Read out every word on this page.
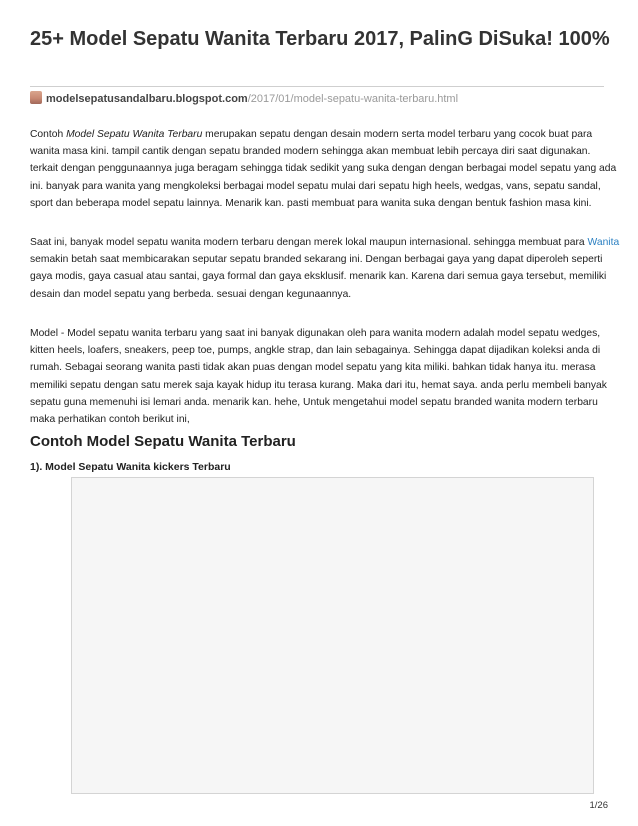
25+ Model Sepatu Wanita Terbaru 2017, PalinG DiSuka! 100%
modelsepatusandalbaru.blogspot.com/2017/01/model-sepatu-wanita-terbaru.html

Contoh Model Sepatu Wanita Terbaru merupakan sepatu dengan desain modern serta model terbaru yang cocok buat para wanita masa kini. tampil cantik dengan sepatu branded modern sehingga akan membuat lebih percaya diri saat digunakan. terkait dengan penggunaannya juga beragam sehingga tidak sedikit yang suka dengan dengan berbagai model sepatu yang ada ini. banyak para wanita yang mengkoleksi berbagai model sepatu mulai dari sepatu high heels, wedgas, vans, sepatu sandal, sport dan beberapa model sepatu lainnya. Menarik kan. pasti membuat para wanita suka dengan bentuk fashion masa kini.

Saat ini, banyak model sepatu wanita modern terbaru dengan merek lokal maupun internasional. sehingga membuat para Wanita semakin betah saat membicarakan seputar sepatu branded sekarang ini. Dengan berbagai gaya yang dapat diperoleh seperti gaya modis, gaya casual atau santai, gaya formal dan gaya eksklusif. menarik kan. Karena dari semua gaya tersebut, memiliki desain dan model sepatu yang berbeda. sesuai dengan kegunaannya.

Model - Model sepatu wanita terbaru yang saat ini banyak digunakan oleh para wanita modern adalah model sepatu wedges, kitten heels, loafers, sneakers, peep toe, pumps, angkle strap, dan lain sebagainya. Sehingga dapat dijadikan koleksi anda di rumah. Sebagai seorang wanita pasti tidak akan puas dengan model sepatu yang kita miliki. bahkan tidak hanya itu. merasa memiliki sepatu dengan satu merek saja kayak hidup itu terasa kurang. Maka dari itu, hemat saya. anda perlu membeli banyak sepatu guna memenuhi isi lemari anda. menarik kan. hehe, Untuk mengetahui model sepatu branded wanita modern terbaru maka perhatikan contoh berikut ini,

Contoh Model Sepatu Wanita Terbaru
1). Model Sepatu Wanita kickers Terbaru
1/26
